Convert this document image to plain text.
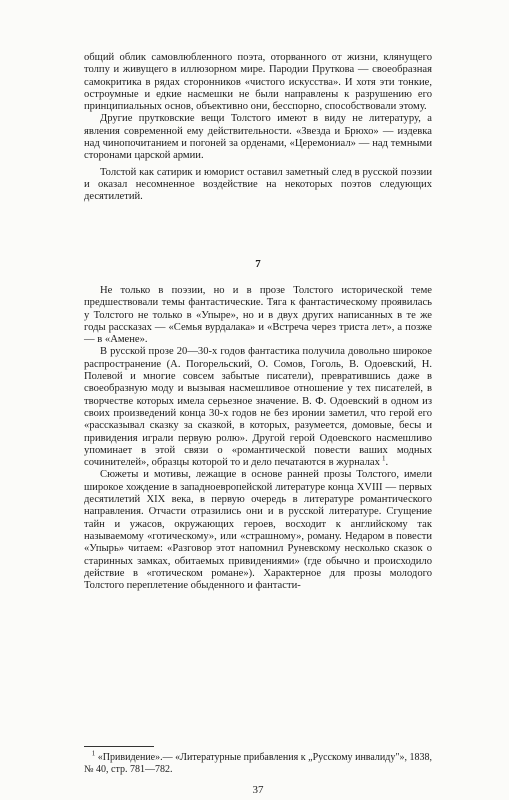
общий облик самовлюбленного поэта, оторванного от жизни, клянущего толпу и живущего в иллюзорном мире. Пародии Пруткова — своеобразная самокритика в рядах сторонников «чистого искусства». И хотя эти тонкие, остроумные и едкие насмешки не были направлены к разрушению его принципиальных основ, объективно они, бесспорно, способствовали этому.

Другие прутковские вещи Толстого имеют в виду не литературу, а явления современной ему действительности. «Звезда и Брюхо» — издевка над чинопочитанием и погоней за орденами, «Церемониал» — над темными сторонами царской армии.

Толстой как сатирик и юморист оставил заметный след в русской поэзии и оказал несомненное воздействие на некоторых поэтов следующих десятилетий.

7

Не только в поэзии, но и в прозе Толстого исторической теме предшествовали темы фантастические. Тяга к фантастическому проявилась у Толстого не только в «Упыре», но и в двух других написанных в те же годы рассказах — «Семья вурдалака» и «Встреча через триста лет», а позже — в «Амене».

В русской прозе 20—30-х годов фантастика получила довольно широкое распространение (А. Погорельский, О. Сомов, Гоголь, В. Одоевский, Н. Полевой и многие совсем забытые писатели), превратившись даже в своеобразную моду и вызывая насмешливое отношение у тех писателей, в творчестве которых имела серьезное значение. В. Ф. Одоевский в одном из своих произведений конца 30-х годов не без иронии заметил, что герой его «рассказывал сказку за сказкой, в которых, разумеется, домовые, бесы и привидения играли первую ролю». Другой герой Одоевского насмешливо упоминает в этой связи о «романтической повести ваших модных сочинителей», образцы которой то и дело печатаются в журналах  $^1$.

Сюжеты и мотивы, лежащие в основе ранней прозы Толстого, имели широкое хождение в западноевропейской литературе конца XVIII — первых десятилетий XIX века, в первую очередь в литературе романтического направления. Отчасти отразились они и в русской литературе. Сгущение тайн и ужасов, окружающих героев, восходит к английскому так называемому «готическому», или «страшному», роману. Недаром в повести «Упырь» читаем: «Разговор этот напомнил Руневскому несколько сказок о старинных замках, обитаемых привидениями» (где обычно и происходило действие в «готическом романе»). Характерное для прозы молодого Толстого переплетение обыденного и фантасти-

$^1$ «Привидение».— «Литературные прибавления к „Русскому инвалиду"», 1838, № 40, стр. 781—782.
37
